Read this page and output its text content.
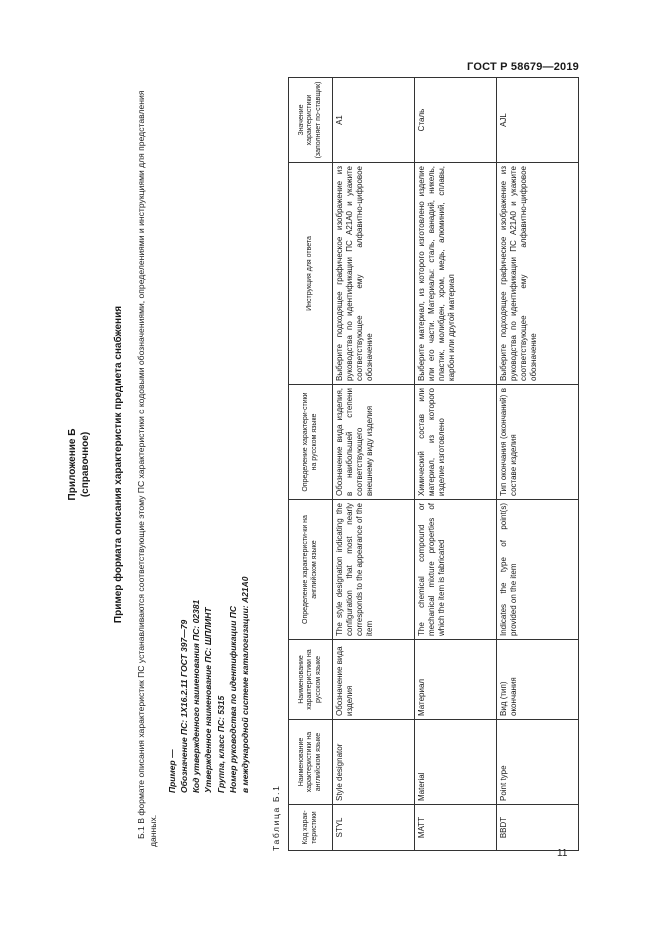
ГОСТ Р 58679—2019
11
Приложение Б (справочное) Пример формата описания характеристик предмета снабжения Б.1 В формате описания характеристик ПС устанавливаются соответствующие этому ПС характеристики с кодовыми обозначениями, определениями и инструкциями для представления данных.
Пример — Обозначение ПС: 1Х16.2.11 ГОСТ 397—79 Код утвержденного наименования ПС: 02381 Утвержденное наименование ПС: ШПЛИНТ Группа, класс ПС: 5315 Номер руководства по идентификации ПС в международной системе каталогизации: А21А0
Таблица Б.1	Код харак-теристики	Наименование характеристики на английском языке	Наименование характеристики на русском языке	Определение характеристи-ки на английском языке	Определение характери-стики на русском языке	Инструкция для ответа	Значение характеристики (заполняет по-ставщик)
STYL	Style designator	Обозначение вида изделия	The style designation indicating the configuration that most nearly corresponds to the appearance of the item	Обозначение вида изделия, в наибольшей степени соответствующего внешнему виду изделия	Выберите подходящее графическое изображение из руководства по идентификации ПС А21А0 и укажите соответствующее ему алфавитно-цифровое обозначение	А1
MATT	Material	Материал	The chemical compound or mechanical mixture properties of which the item is fabricated	Химический состав или материал, из которого изделие изготовлено	Выберите материал, из которого изготовлено изделие или его части. Материалы: сталь, ванадий, никель, пластик, молибден, хром, медь, алюминий, сплавы, карбон или другой материал	Сталь
BBDT	Point type	Вид (тип) окончания	Indicates the type of point(s) provided on the item	Тип окончания (окончаний) в составе изделия	Выберите подходящее графическое изображение из руководства по идентификации ПС А21А0 и укажите соответствующее ему алфавитно-цифровое обозначение	AJL
